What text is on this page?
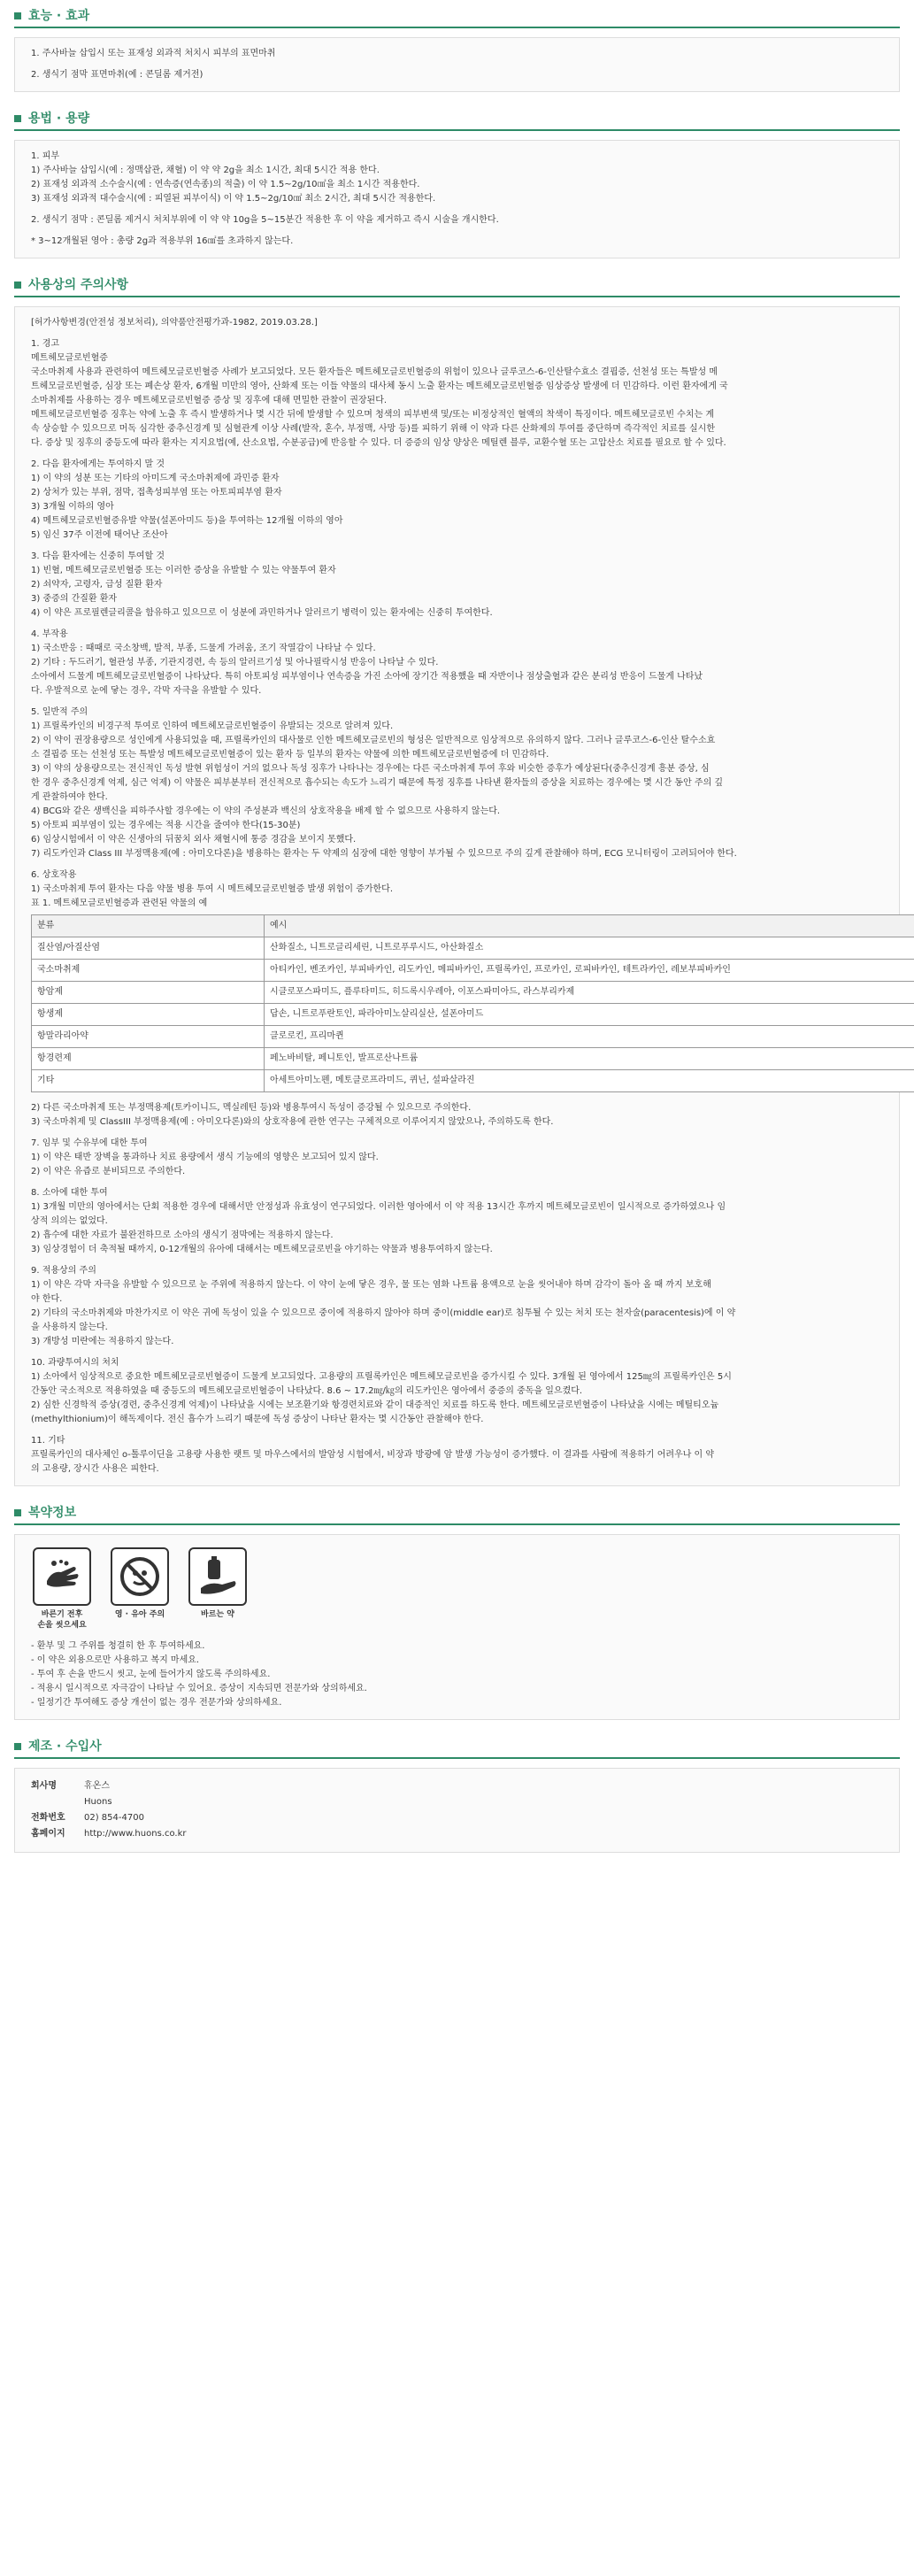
효능 · 효과
1. 주사바늘 삽입시 또는 표재성 외과적 처치시 피부의 표면마취
2. 생식기 점막 표면마취(예 : 콘딜롬 제거전)
용법 · 용량
1. 피부
1) 주사바늘 삽입시(예 : 정맥삽관, 채혈) 이 약 약 2g을 최소 1시간, 최대 5시간 적용 한다.
2) 표재성 외과적 소수술시(예 : 연속증(연속종)의 적출) 이 약 1.5~2g/10㎠을 최소 1시간 적용한다.
3) 표재성 외과적 대수술시(예 : 피열된 피부이식) 이 약 1.5~2g/10㎠ 최소 2시간, 최대 5시간 적용한다.
2. 생식기 점막 : 콘딜롬 제거시 처치부위에 이 약 약 10g을 5~15분간 적용한 후 이 약을 제거하고 즉시 시술을 개시한다.
* 3~12개월된 영아 : 총량 2g과 적용부위 16㎠를 초과하지 않는다.
사용상의 주의사항
[허가사항변경(안전성 정보처리), 의약품안전평가과-1982, 2019.03.28.]
1. 경고
메트헤모글로빈혈증
국소마취제 사용과 관련하여 메트헤모글로빈혈증 사례가 보고되었다. 모든 환자들은 메트헤모글로빈혈증의 위험이 있으나 글루코스-6-인산탈수효소 결핍증, 선천성 또는 특발성 메
트헤모글로빈혈증, 심장 또는 폐손상 환자, 6개월 미만의 영아, 산화제 또는 이들 약물의 대사체 동시 노출 환자는 메트헤모글로빈혈증 임상증상 발생에 더 민감하다. 이런 환자에게 국
소마취제를 사용하는 경우 메트헤모글로빈혈증 증상 및 징후에 대해 면밀한 관찰이 권장된다.
메트헤모글로빈혈증 징후는 약에 노출 후 즉시 발생하거나 몇 시간 뒤에 발생할 수 있으며 청색의 피부변색 및/또는 비정상적인 혈액의 착색이 특징이다. 메트헤모글로빈 수치는 계
속 상승할 수 있으므로 머독 심각한 중추신경계 및 심혈관계 이상 사례(발작, 혼수, 부정맥, 사망 등)를 피하기 위해 이 약과 다른 산화제의 투여를 중단하며 즉각적인 치료를 실시한
다. 증상 및 징후의 중등도에 따라 환자는 지지요법(예, 산소요법, 수분공급)에 반응할 수 있다. 더 증증의 임상 양상은 메틸렌 블루, 교환수혈 또는 고압산소 치료를 필요로 할 수 있다.
2. 다음 환자에게는 투여하지 말 것
1) 이 약의 성분 또는 기타의 아미드계 국소마취제에 과민증 환자
2) 상처가 있는 부위, 점막, 접촉성피부염 또는 아토피피부염 환자
3) 3개월 이하의 영아
4) 메트헤모글로빈혈증유발 약물(설폰아미드 등)을 투여하는 12개월 이하의 영아
5) 임신 37주 이전에 태어난 조산아
3. 다음 환자에는 신중히 투여할 것
1) 빈혈, 메트헤모글로빈혈증 또는 이러한 증상을 유발할 수 있는 약물투여 환자
2) 쇠약자, 고령자, 급성 질환 환자
3) 중증의 간질환 환자
4) 이 약은 프로필렌글리콜을 함유하고 있으므로 이 성분에 과민하거나 알러르기 병력이 있는 환자에는 신중히 투여한다.
4. 부작용
1) 국소반응 : 때때로 국소창백, 발적, 부종, 드물게 가려움, 조기 작열감이 나타날 수 있다.
2) 기타 : 두드러기, 혈관성 부종, 기관지경련, 속 등의 알러르기성 및 아나필락시성 반응이 나타날 수 있다.
소아에서 드물게 메트헤모글로빈혈증이 나타났다. 특히 아토피성 피부염이나 연속증을 가진 소아에 장기간 적용했을 때 자반이나 점상출혈과 같은 분리성 반응이 드물게 나타났
다. 우발적으로 눈에 닿는 경우, 각막 자극을 유발할 수 있다.
5. 일반적 주의
1) 프릴록카인의 비경구적 투여로 인하여 메트헤모글로빈혈증이 유발되는 것으로 알려져 있다.
2) 이 약이 권장용량으로 성인에게 사용되었을 때, 프릴록카인의 대사물로 인한 메트헤모글로빈의 형성은 일반적으로 임상적으로 유의하지 않다. 그러나 글루코스-6-인산 탈수소효
소 결핍증 또는 선천성 또는 특발성 메트헤모글로빈혈증이 있는 환자 등 일부의 환자는 약물에 의한 메트헤모글로빈혈증에 더 민감하다.
3) 이 약의 상용량으로는 전신적인 독성 발현 위험성이 거의 없으나 독성 징후가 나타나는 경우에는 다른 국소마취제 투여 후와 비슷한 증후가 예상된다(중추신경계 흥분 증상, 심
한 경우 중추신경계 억제, 심근 억제) 이 약물은 피부분부터 전신적으로 흡수되는 속도가 느리기 때문에 특정 징후를 나타낸 환자들의 증상을 치료하는 경우에는 몇 시간 동안 주의 깊
게 관찰하여야 한다.
4) BCG와 같은 생백신을 피하주사할 경우에는 이 약의 주성분과 백신의 상호작용을 배제 할 수 없으므로 사용하지 않는다.
5) 아토피 피부염이 있는 경우에는 적용 시간을 줄여야 한다(15-30분)
6) 임상시험에서 이 약은 신생아의 뒤꿈치 외사 채혈시에 통증 경감을 보이지 못했다.
7) 리도카인과 Class III 부정맥용제(예 : 아미오다론)을 병용하는 환자는 두 약제의 심장에 대한 영향이 부가될 수 있으므로 주의 깊게 관찰해야 하며, ECG 모니터링이 고려되어야 한다.
6. 상호작용
1) 국소마취제 투여 환자는 다음 약물 병용 투여 시 메트헤모글로빈혈증 발생 위험이 증가한다.
표 1. 메트헤모글로빈혈증과 관련된 약물의 예
분류	예시
질산염/아질산염	산화질소, 니트로글리세린, 니트로푸루시드, 아산화질소
국소마취제	아티카인, 벤조카인, 부피바카인, 리도카인, 메피바카인, 프릴록카인, 프로카인, 로피바카인, 테트라카인, 레보부피바카인
항암제	시클로포스파미드, 플루타미드, 히드록시우레아, 이포스파미아드, 라스부리카제
항생제	답손, 니트로푸란토인, 파라아미노살리실산, 설폰아미드
항말라리아약	클로로킨, 프리마퀸
항경련제	페노바비탈, 페니토인, 발프로산나트륨
기타	아세트아미노펜, 메토클로프라미드, 퀴닌, 설파살라진
2) 다른 국소마취제 또는 부정맥용제(토카이니드, 멕실레틴 등)와 병용투여시 독성이 증강될 수 있으므로 주의한다.
3) 국소마취제 및 ClassIII 부정맥용제(예 : 아미오다론)와의 상호작용에 관한 연구는 구체적으로 이루어지지 않았으나, 주의하도록 한다.
7. 임부 및 수유부에 대한 투여
1) 이 약은 태반 장벽을 통과하나 치료 용량에서 생식 기능에의 영향은 보고되어 있지 않다.
2) 이 약은 유즙로 분비되므로 주의한다.
8. 소아에 대한 투여
1) 3개월 미만의 영아에서는 단회 적용한 경우에 대해서만 안정성과 유효성이 연구되었다. 이러한 영아에서 이 약 적용 13시간 후까지 메트헤모글로빈이 일시적으로 증가하였으나 임
상적 의의는 없었다.
2) 흡수에 대한 자료가 불완전하므로 소아의 생식기 점막에는 적용하지 않는다.
3) 임상경험이 더 축적될 때까지, 0-12개월의 유아에 대해서는 메트헤모글로빈을 야기하는 약물과 병용투여하지 않는다.
9. 적용상의 주의
1) 이 약은 각막 자극을 유발할 수 있으므로 눈 주위에 적용하지 않는다. 이 약이 눈에 닿은 경우, 물 또는 염화 나트륨 용액으로 눈을 씻어내야 하며 감각이 돌아 올 때 까지 보호해
야 한다.
2) 기타의 국소마취제와 마찬가지로 이 약은 귀에 독성이 있을 수 있으므로 중이에 적용하지 않아야 하며 중이(middle ear)로 침투될 수 있는 처치 또는 천자술(paracentesis)에 이 약
을 사용하지 않는다.
3) 개방성 미란에는 적용하지 않는다.
10. 과량투여시의 처치
1) 소아에서 임상적으로 중요한 메트헤모글로빈혈증이 드물게 보고되었다. 고용량의 프릴록카인은 메트헤모글로빈을 증가시킬 수 있다. 3개월 된 영아에서 125㎎의 프릴록카인은 5시
간동안 국소적으로 적용하였을 때 중등도의 메트헤모글로빈혈증이 나타났다. 8.6 ~ 17.2㎎/㎏의 리도카인은 영아에서 중증의 중독을 일으켰다.
2) 심한 신경학적 증상(경련, 중추신경계 억제)이 나타났을 시에는 보조환기와 항경련치료와 같이 대증적인 치료를 하도록 한다. 메트헤모글로빈혈증이 나타났을 시에는 메틸티오늄
(methylthionium)이 해독제이다. 전신 흡수가 느리기 때문에 독성 증상이 나타난 환자는 몇 시간동안 관찰해야 한다.
11. 기타
프릴록카인의 대사체인 o-톨루이딘을 고용량 사용한 랫트 및 마우스에서의 발암성 시험에서, 비장과 방광에 암 발생 가능성이 증가했다. 이 결과를 사람에 적용하기 어려우나 이 약
의 고용량, 장시간 사용은 피한다.
복약정보
바른기 전후
손을 씻으세요
영 · 유아 주의	바르는 약
- 환부 및 그 주위를 청결히 한 후 투여하세요.
- 이 약은 외용으로만 사용하고 복지 마세요.
- 투여 후 손을 반드시 씻고, 눈에 들어가지 않도록 주의하세요.
- 적용시 일시적으로 자극감이 나타날 수 있어요. 증상이 지속되면 전문가와 상의하세요.
- 일정기간 투여해도 증상 개선이 없는 경우 전문가와 상의하세요.
제조 · 수입사
회사명	휴온스
Huons
전화번호	02) 854-4700
홈페이지	http://www.huons.co.kr
